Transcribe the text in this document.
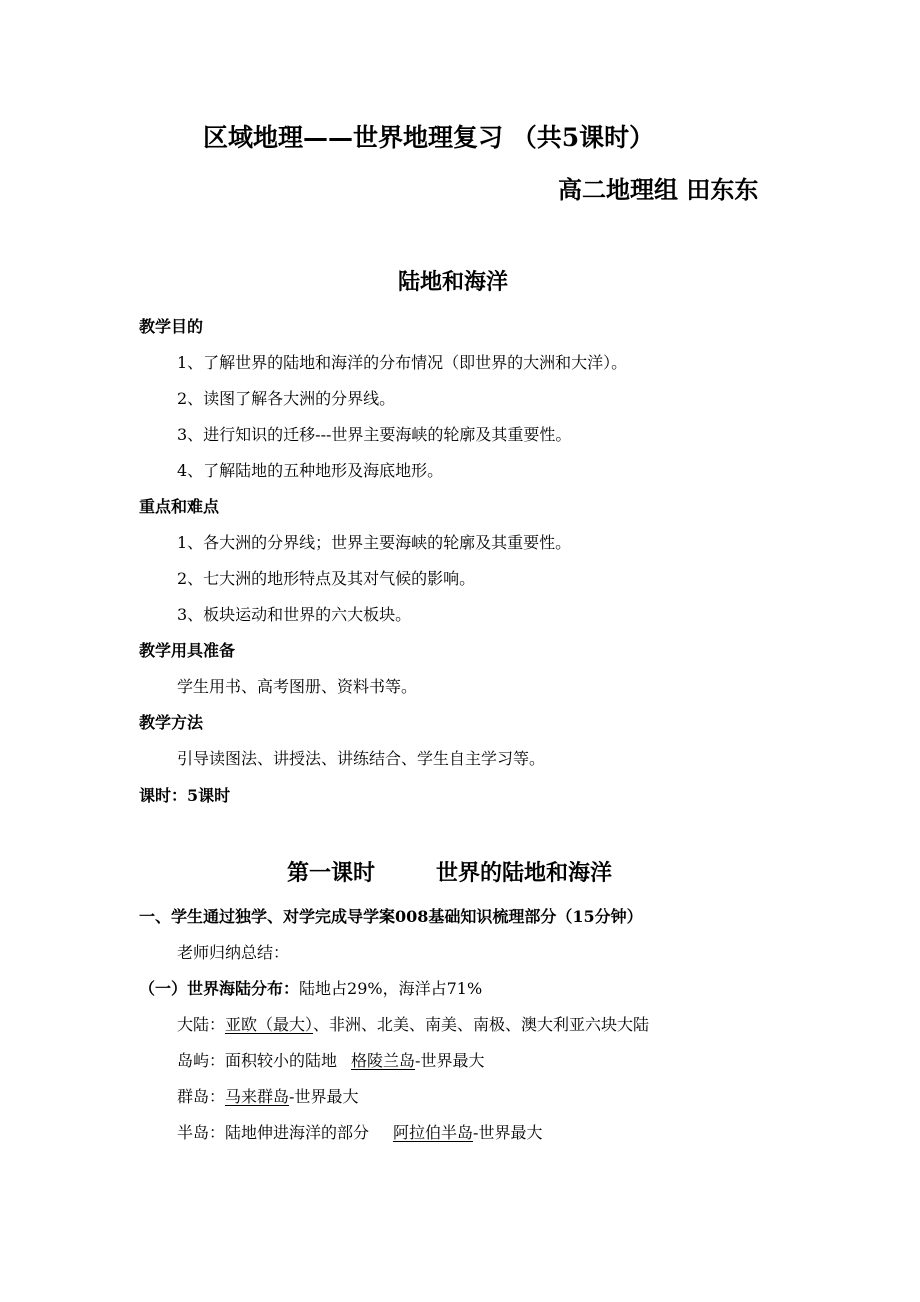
区域地理——世界地理复习 （共5课时）
高二地理组 田东东
陆地和海洋
教学目的
1、了解世界的陆地和海洋的分布情况（即世界的大洲和大洋）。
2、读图了解各大洲的分界线。
3、进行知识的迁移---世界主要海峡的轮廓及其重要性。
4、了解陆地的五种地形及海底地形。
重点和难点
1、各大洲的分界线；世界主要海峡的轮廓及其重要性。
2、七大洲的地形特点及其对气候的影响。
3、板块运动和世界的六大板块。
教学用具准备
学生用书、高考图册、资料书等。
教学方法
引导读图法、讲授法、讲练结合、学生自主学习等。
课时：5课时
第一课时	世界的陆地和海洋
一、学生通过独学、对学完成导学案008基础知识梳理部分（15分钟）
老师归纳总结：
（一）世界海陆分布：陆地占29%，海洋占71%
大陆：亚欧（最大）、非洲、北美、南美、南极、澳大利亚六块大陆
岛屿：面积较小的陆地 格陵兰岛-世界最大
群岛：马来群岛-世界最大
半岛：陆地伸进海洋的部分 阿拉伯半岛-世界最大
